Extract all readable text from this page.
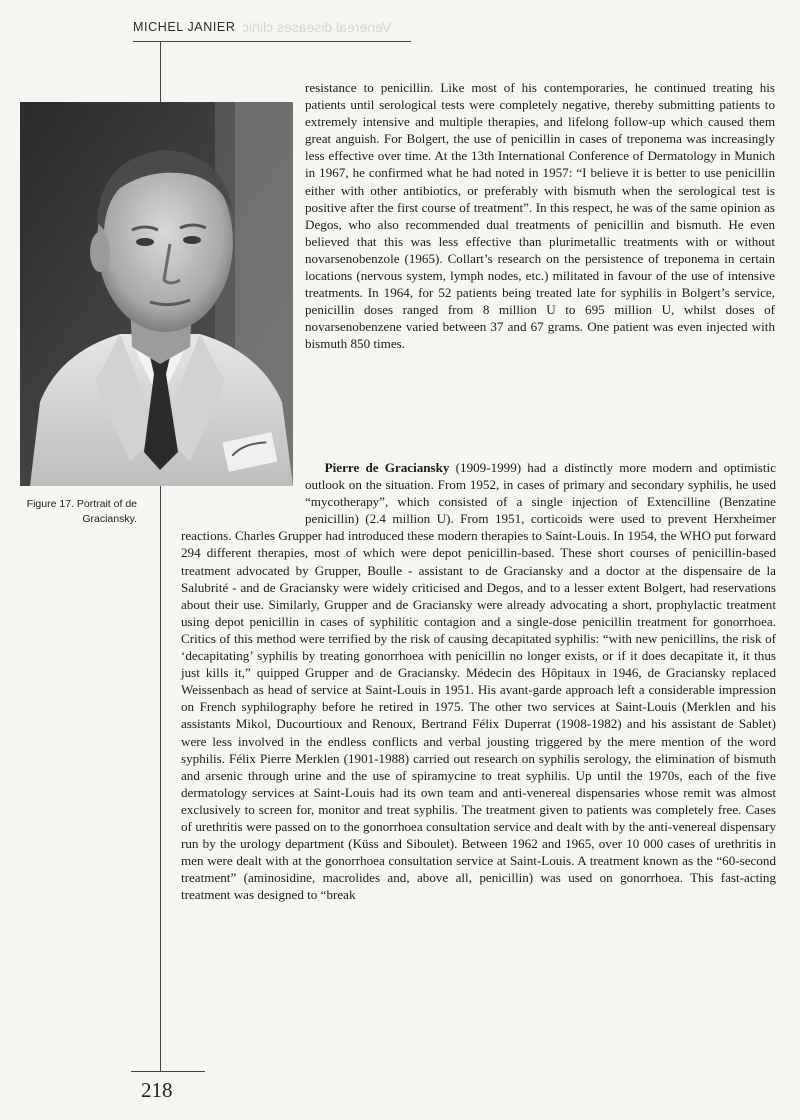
MICHEL JANIER Venereal diseases clinic
Figure 17. Portrait of de Graciansky.

resistance to penicillin. Like most of his contemporaries, he continued treating his patients until serological tests were completely negative, thereby submitting patients to extremely intensive and multiple therapies, and lifelong follow-up which caused them great anguish. For Bolgert, the use of penicillin in cases of treponema was increasingly less effective over time. At the 13th International Conference of Dermatology in Munich in 1967, he confirmed what he had noted in 1957: “I believe it is better to use penicillin either with other antibiotics, or preferably with bismuth when the serological test is positive after the first course of treatment”. In this respect, he was of the same opinion as Degos, who also recommended dual treatments of penicillin and bismuth. He even believed that this was less effective than plurimetallic treatments with or without novarsenobenzole (1965). Collart’s research on the persistence of treponema in certain locations (nervous system, lymph nodes, etc.) militated in favour of the use of intensive treatments. In 1964, for 52 patients being treated late for syphilis in Bolgert’s service, penicillin doses ranged from 8 million U to 695 million U, whilst doses of novarsenobenzene varied between 37 and 67 grams. One patient was even injected with bismuth 850 times.

   Pierre de Graciansky (1909-1999) had a distinctly more modern and optimistic outlook on the situation. From 1952, in cases of primary and secondary syphilis, he used “mycotherapy”, which consisted of a single injection of Extencilline (Benzatine penicillin) (2.4 million U). From 1951, corticoids were used to prevent Herxheimer reactions. Charles Grupper had introduced these modern therapies to Saint-Louis. In 1954, the WHO put forward 294 different therapies, most of which were depot penicillin-based. These short courses of penicillin-based treatment advocated by Grupper, Boulle - assistant to de Graciansky and a doctor at the dispensaire de la Salubrité - and de Graciansky were widely criticised and Degos, and to a lesser extent Bolgert, had reservations about their use. Similarly, Grupper and de Graciansky were already advocating a short, prophylactic treatment using depot penicillin in cases of syphilitic contagion and a single-dose penicillin treatment for gonorrhoea. Critics of this method were terrified by the risk of causing decapitated syphilis: “with new penicillins, the risk of ‘decapitating’ syphilis by treating gonorrhoea with penicillin no longer exists, or if it does decapitate it, it thus just kills it,” quipped Grupper and de Graciansky. Médecin des Hôpitaux in 1946, de Graciansky replaced Weissenbach as head of service at Saint-Louis in 1951. His avant-garde approach left a considerable impression on French syphilography before he retired in 1975. The other two services at Saint-Louis (Merklen and his assistants Mikol, Ducourtioux and Renoux, Bertrand Félix Duperrat (1908-1982) and his assistant de Sablet) were less involved in the endless conflicts and verbal jousting triggered by the mere mention of the word syphilis. Félix Pierre Merklen (1901-1988) carried out research on syphilis serology, the elimination of bismuth and arsenic through urine and the use of spiramycine to treat syphilis. Up until the 1970s, each of the five dermatology services at Saint-Louis had its own team and anti-venereal dispensaries whose remit was almost exclusively to screen for, monitor and treat syphilis. The treatment given to patients was completely free. Cases of urethritis were passed on to the gonorrhoea consultation service and dealt with by the anti-venereal dispensary run by the urology department (Küss and Siboulet). Between 1962 and 1965, over 10 000 cases of urethritis in men were dealt with at the gonorrhoea consultation service at Saint-Louis. A treatment known as the “60-second treatment” (aminosidine, macrolides and, above all, penicillin) was used on gonorrhoea. This fast-acting treatment was designed to “break

218
